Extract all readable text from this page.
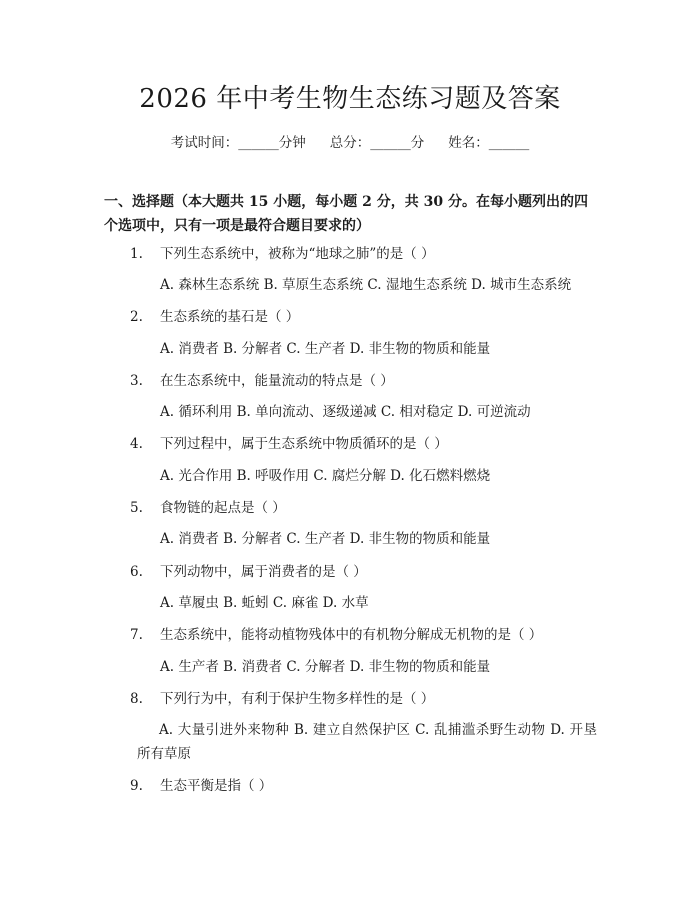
2026 年中考生物生态练习题及答案
考试时间：______分钟 总分：______分 姓名：______

一、选择题（本大题共 15 小题，每小题 2 分，共 30 分。在每小题列出的四个选项中，只有一项是最符合题目要求的）

1. 下列生态系统中，被称为“地球之肺”的是（ ）
A. 森林生态系统 B. 草原生态系统 C. 湿地生态系统 D. 城市生态系统
2. 生态系统的基石是（ ）
A. 消费者 B. 分解者 C. 生产者 D. 非生物的物质和能量
3. 在生态系统中，能量流动的特点是（ ）
A. 循环利用 B. 单向流动、逐级递减 C. 相对稳定 D. 可逆流动
4. 下列过程中，属于生态系统中物质循环的是（ ）
A. 光合作用 B. 呼吸作用 C. 腐烂分解 D. 化石燃料燃烧
5. 食物链的起点是（ ）
A. 消费者 B. 分解者 C. 生产者 D. 非生物的物质和能量
6. 下列动物中，属于消费者的是（ ）
A. 草履虫 B. 蚯蚓 C. 麻雀 D. 水草
7. 生态系统中，能将动植物残体中的有机物分解成无机物的是（ ）
A. 生产者 B. 消费者 C. 分解者 D. 非生物的物质和能量
8. 下列行为中，有利于保护生物多样性的是（ ）
A. 大量引进外来物种 B. 建立自然保护区 C. 乱捕滥杀野生动物 D. 开垦所有草原
9. 生态平衡是指（ ）
